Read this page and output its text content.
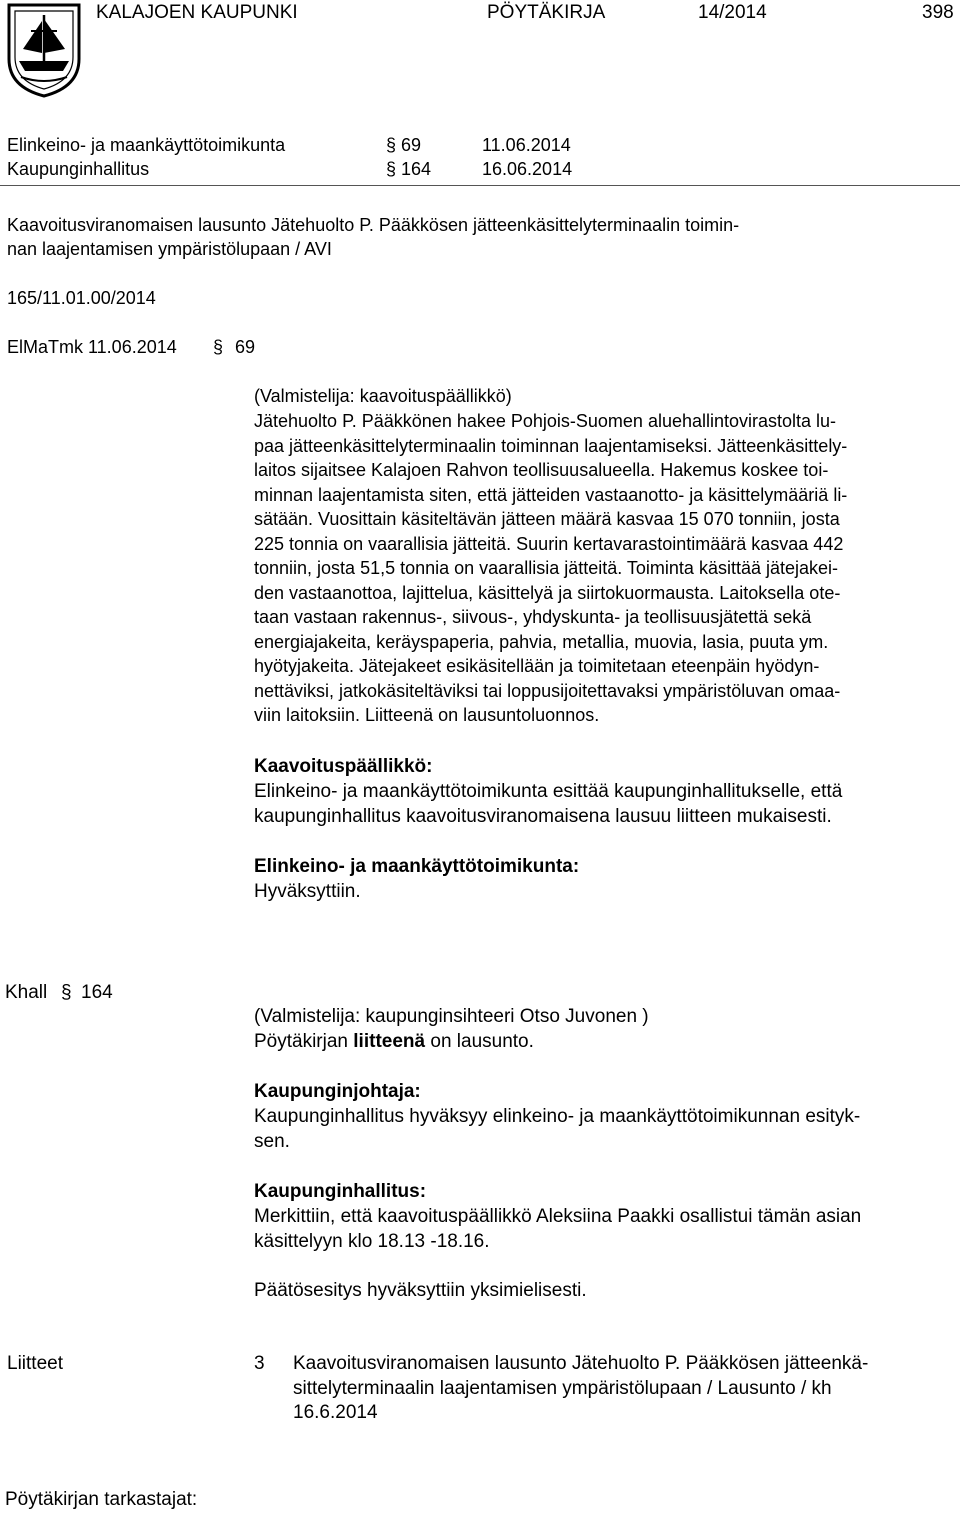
KALAJOEN KAUPUNKI	PÖYTÄKIRJA	14/2014	398
Elinkeino- ja maankäyttötoimikunta	§ 69	11.06.2014
Kaupunginhallitus	§ 164	16.06.2014
Kaavoitusviranomaisen lausunto Jätehuolto P. Pääkkösen jätteenkäsittelyterminaalin toimin-
nan laajentamisen ympäristölupaan / AVI
165/11.01.00/2014
ElMaTmk 11.06.2014 § 69
(Valmistelija: kaavoituspäällikkö)
Jätehuolto P. Pääkkönen hakee Pohjois-Suomen aluehallintovirastolta lu-
paa jätteenkäsittelyterminaalin toiminnan laajentamiseksi. Jätteenkäsittely-
laitos sijaitsee Kalajoen Rahvon teollisuusalueella. Hakemus koskee toi-
minnan laajentamista siten, että jätteiden vastaanotto- ja käsittelymääriä li-
sätään. Vuosittain käsiteltävän jätteen määrä kasvaa 15 070 tonniin, josta
225 tonnia on vaarallisia jätteitä. Suurin kertavarastointimäärä kasvaa 442
tonniin, josta 51,5 tonnia on vaarallisia jätteitä. Toiminta käsittää jätejakei-
den vastaanottoa, lajittelua, käsittelyä ja siirtokuormausta. Laitoksella ote-
taan vastaan rakennus-, siivous-, yhdyskunta- ja teollisuusjätettä sekä
energiajakeita, keräyspaperia, pahvia, metallia, muovia, lasia, puuta ym.
hyötyjakeita. Jätejakeet esikäsitellään ja toimitetaan eteenpäin hyödyn-
nettäviksi, jatkokäsiteltäviksi tai loppusijoitettavaksi ympäristöluvan omaa-
viin laitoksiin. Liitteenä on lausuntoluonnos.
Kaavoituspäällikkö:
Elinkeino- ja maankäyttötoimikunta esittää kaupunginhallitukselle, että
kaupunginhallitus kaavoitusviranomaisena lausuu liitteen mukaisesti.
Elinkeino- ja maankäyttötoimikunta:
Hyväksyttiin.
Khall § 164
(Valmistelija: kaupunginsihteeri Otso Juvonen )
Pöytäkirjan liitteenä on lausunto.
Kaupunginjohtaja:
Kaupunginhallitus hyväksyy elinkeino- ja maankäyttötoimikunnan esityk-
sen.
Kaupunginhallitus:
Merkittiin, että kaavoituspäällikkö Aleksiina Paakki osallistui tämän asian
käsittelyyn klo 18.13 -18.16.
Päätösesitys hyväksyttiin yksimielisesti.
Liitteet	3 Kaavoitusviranomaisen lausunto Jätehuolto P. Pääkkösen jätteenkä-
sittelyterminaalin laajentamisen ympäristölupaan / Lausunto / kh
16.6.2014
Pöytäkirjan tarkastajat:
